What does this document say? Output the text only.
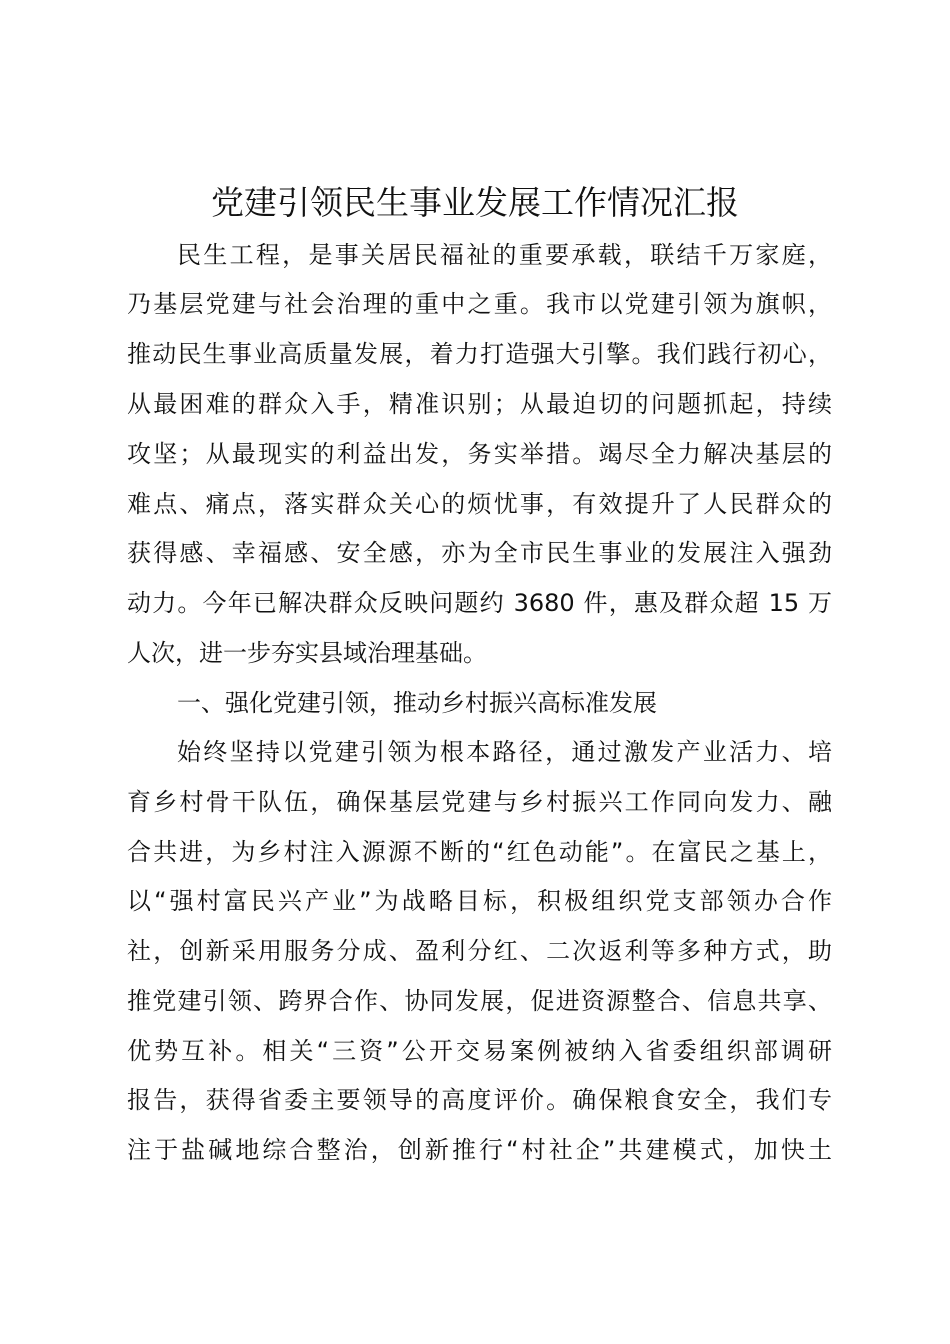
党建引领民生事业发展工作情况汇报

民生工程，是事关居民福祉的重要承载，联结千万家庭，

乃基层党建与社会治理的重中之重。我市以党建引领为旗帜，

推动民生事业高质量发展，着力打造强大引擎。我们践行初心，

从最困难的群众入手，精准识别；从最迫切的问题抓起，持续

攻坚；从最现实的利益出发，务实举措。竭尽全力解决基层的

难点、痛点，落实群众关心的烦忧事，有效提升了人民群众的

获得感、幸福感、安全感，亦为全市民生事业的发展注入强劲

动力。今年已解决群众反映问题约 3680 件，惠及群众超 15 万

人次，进一步夯实县域治理基础。

一、强化党建引领，推动乡村振兴高标准发展

始终坚持以党建引领为根本路径，通过激发产业活力、培

育乡村骨干队伍，确保基层党建与乡村振兴工作同向发力、融

合共进，为乡村注入源源不断的“红色动能”。在富民之基上，

以“强村富民兴产业”为战略目标，积极组织党支部领办合作

社，创新采用服务分成、盈利分红、二次返利等多种方式，助

推党建引领、跨界合作、协同发展，促进资源整合、信息共享、

优势互补。相关“三资”公开交易案例被纳入省委组织部调研

报告，获得省委主要领导的高度评价。确保粮食安全，我们专

注于盐碱地综合整治，创新推行“村社企”共建模式，加快土
